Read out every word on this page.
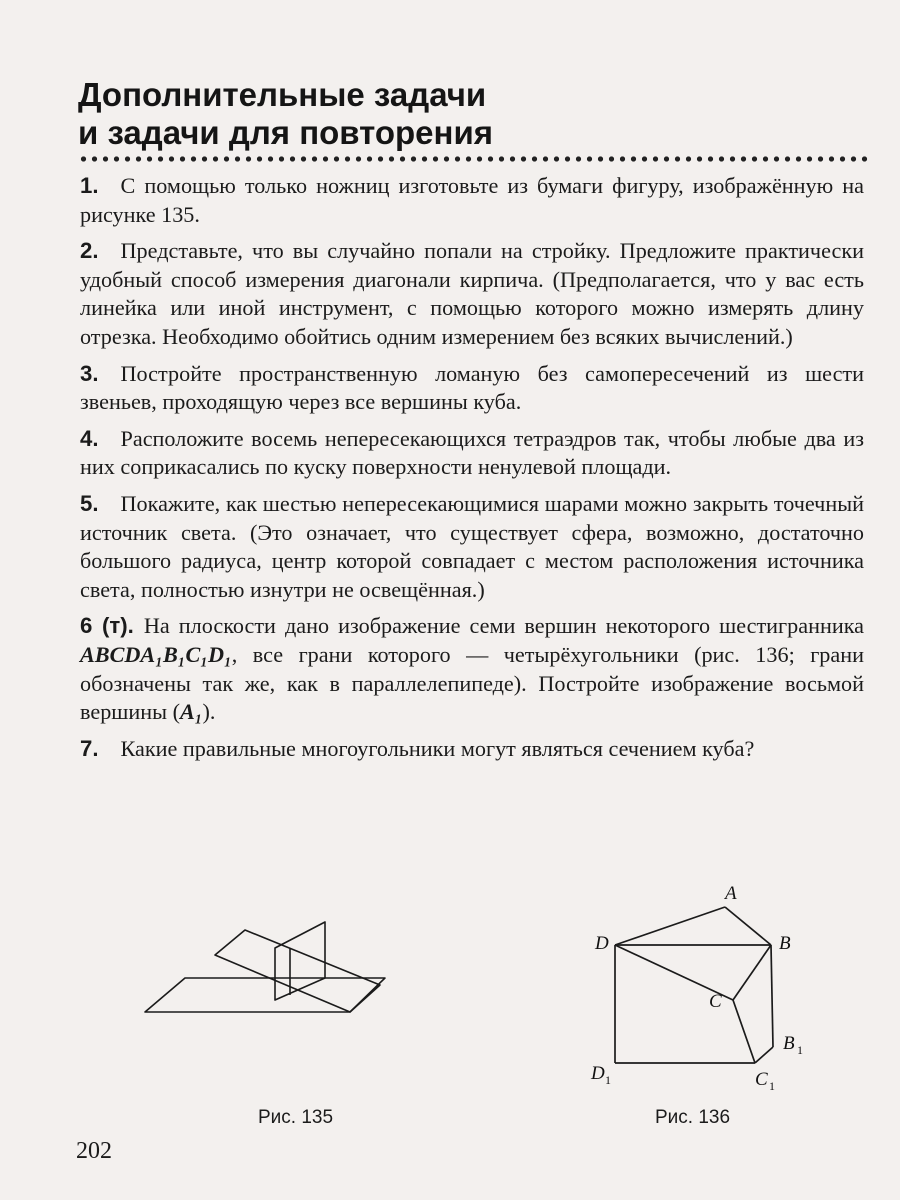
Дополнительные задачи
и задачи для повторения
1. С помощью только ножниц изготовьте из бумаги фигуру, изображённую на рисунке 135.
2. Представьте, что вы случайно попали на стройку. Предложите практически удобный способ измерения диагонали кирпича. (Предполагается, что у вас есть линейка или иной инструмент, с помощью которого можно измерять длину отрезка. Необходимо обойтись одним измерением без всяких вычислений.)
3. Постройте пространственную ломаную без самопересечений из шести звеньев, проходящую через все вершины куба.
4. Расположите восемь непересекающихся тетраэдров так, чтобы любые два из них соприкасались по куску поверхности ненулевой площади.
5. Покажите, как шестью непересекающимися шарами можно закрыть точечный источник света. (Это означает, что существует сфера, возможно, достаточно большого радиуса, центр которой совпадает с местом расположения источника света, полностью изнутри не освещённая.)
6 (т). На плоскости дано изображение семи вершин некоторого шестигранника ABCDA₁B₁C₁D₁, все грани которого — четырёхугольники (рис. 136; грани обозначены так же, как в параллелепипеде). Постройте изображение восьмой вершины (A₁).
7. Какие правильные многоугольники могут являться сечением куба?
Рис. 135
A
D	B
C
B 1
D 1	C 1
Рис. 136
202
